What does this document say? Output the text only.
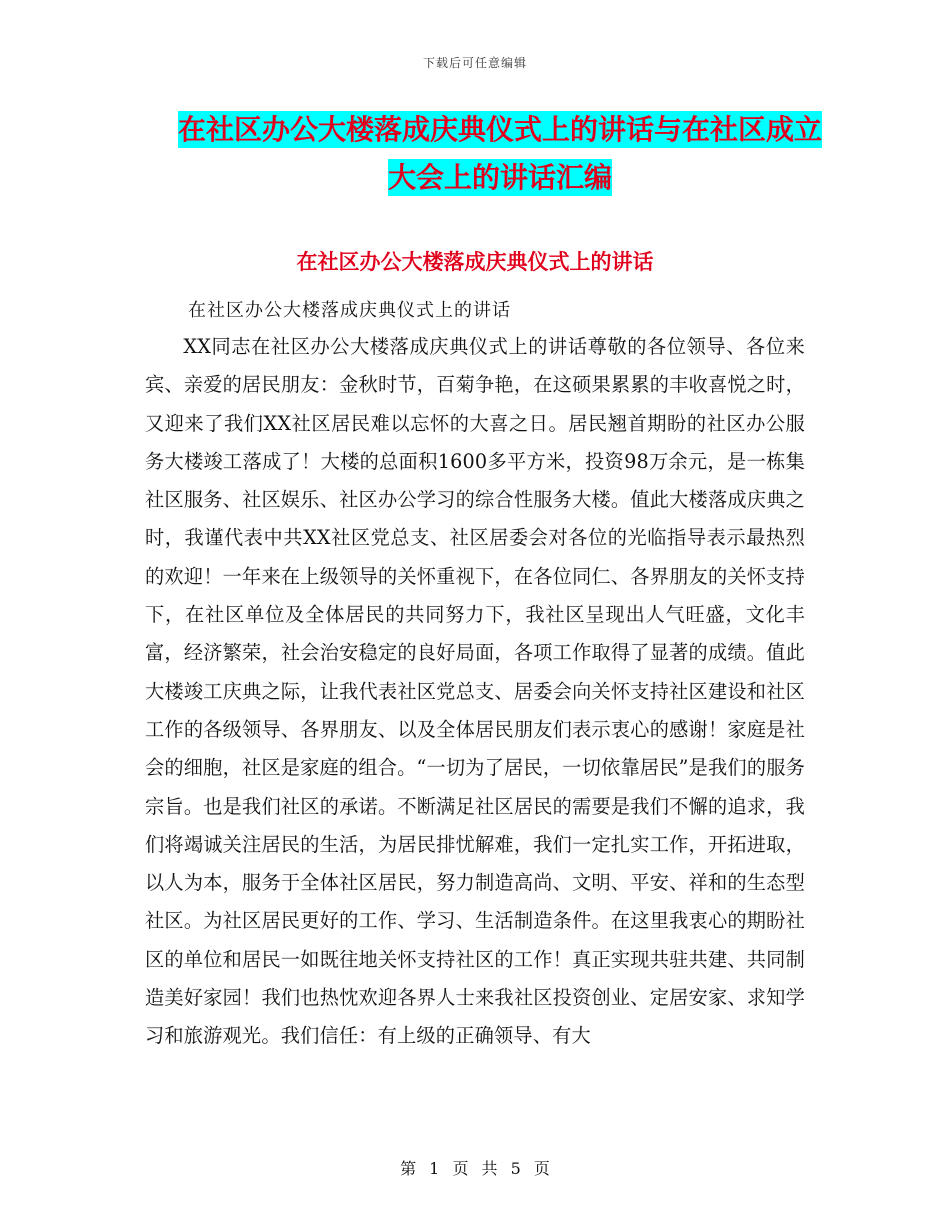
下载后可任意编辑
在社区办公大楼落成庆典仪式上的讲话与在社区成立
大会上的讲话汇编
在社区办公大楼落成庆典仪式上的讲话
在社区办公大楼落成庆典仪式上的讲话

XX同志在社区办公大楼落成庆典仪式上的讲话尊敬的各位领导、各位来宾、亲爱的居民朋友：金秋时节，百菊争艳，在这硕果累累的丰收喜悦之时，又迎来了我们XX社区居民难以忘怀的大喜之日。居民翘首期盼的社区办公服务大楼竣工落成了！大楼的总面积1600多平方米，投资98万余元，是一栋集社区服务、社区娱乐、社区办公学习的综合性服务大楼。值此大楼落成庆典之时，我谨代表中共XX社区党总支、社区居委会对各位的光临指导表示最热烈的欢迎！一年来在上级领导的关怀重视下，在各位同仁、各界朋友的关怀支持下，在社区单位及全体居民的共同努力下，我社区呈现出人气旺盛，文化丰富，经济繁荣，社会治安稳定的良好局面，各项工作取得了显著的成绩。值此大楼竣工庆典之际，让我代表社区党总支、居委会向关怀支持社区建设和社区工作的各级领导、各界朋友、以及全体居民朋友们表示衷心的感谢！家庭是社会的细胞，社区是家庭的组合。“一切为了居民，一切依靠居民”是我们的服务宗旨。也是我们社区的承诺。不断满足社区居民的需要是我们不懈的追求，我们将竭诚关注居民的生活，为居民排忧解难，我们一定扎实工作，开拓进取，以人为本，服务于全体社区居民，努力制造高尚、文明、平安、祥和的生态型社区。为社区居民更好的工作、学习、生活制造条件。在这里我衷心的期盼社区的单位和居民一如既往地关怀支持社区的工作！真正实现共驻共建、共同制造美好家园！我们也热忱欢迎各界人士来我社区投资创业、定居安家、求知学习和旅游观光。我们信任：有上级的正确领导、有大

第 1 页 共 5 页
